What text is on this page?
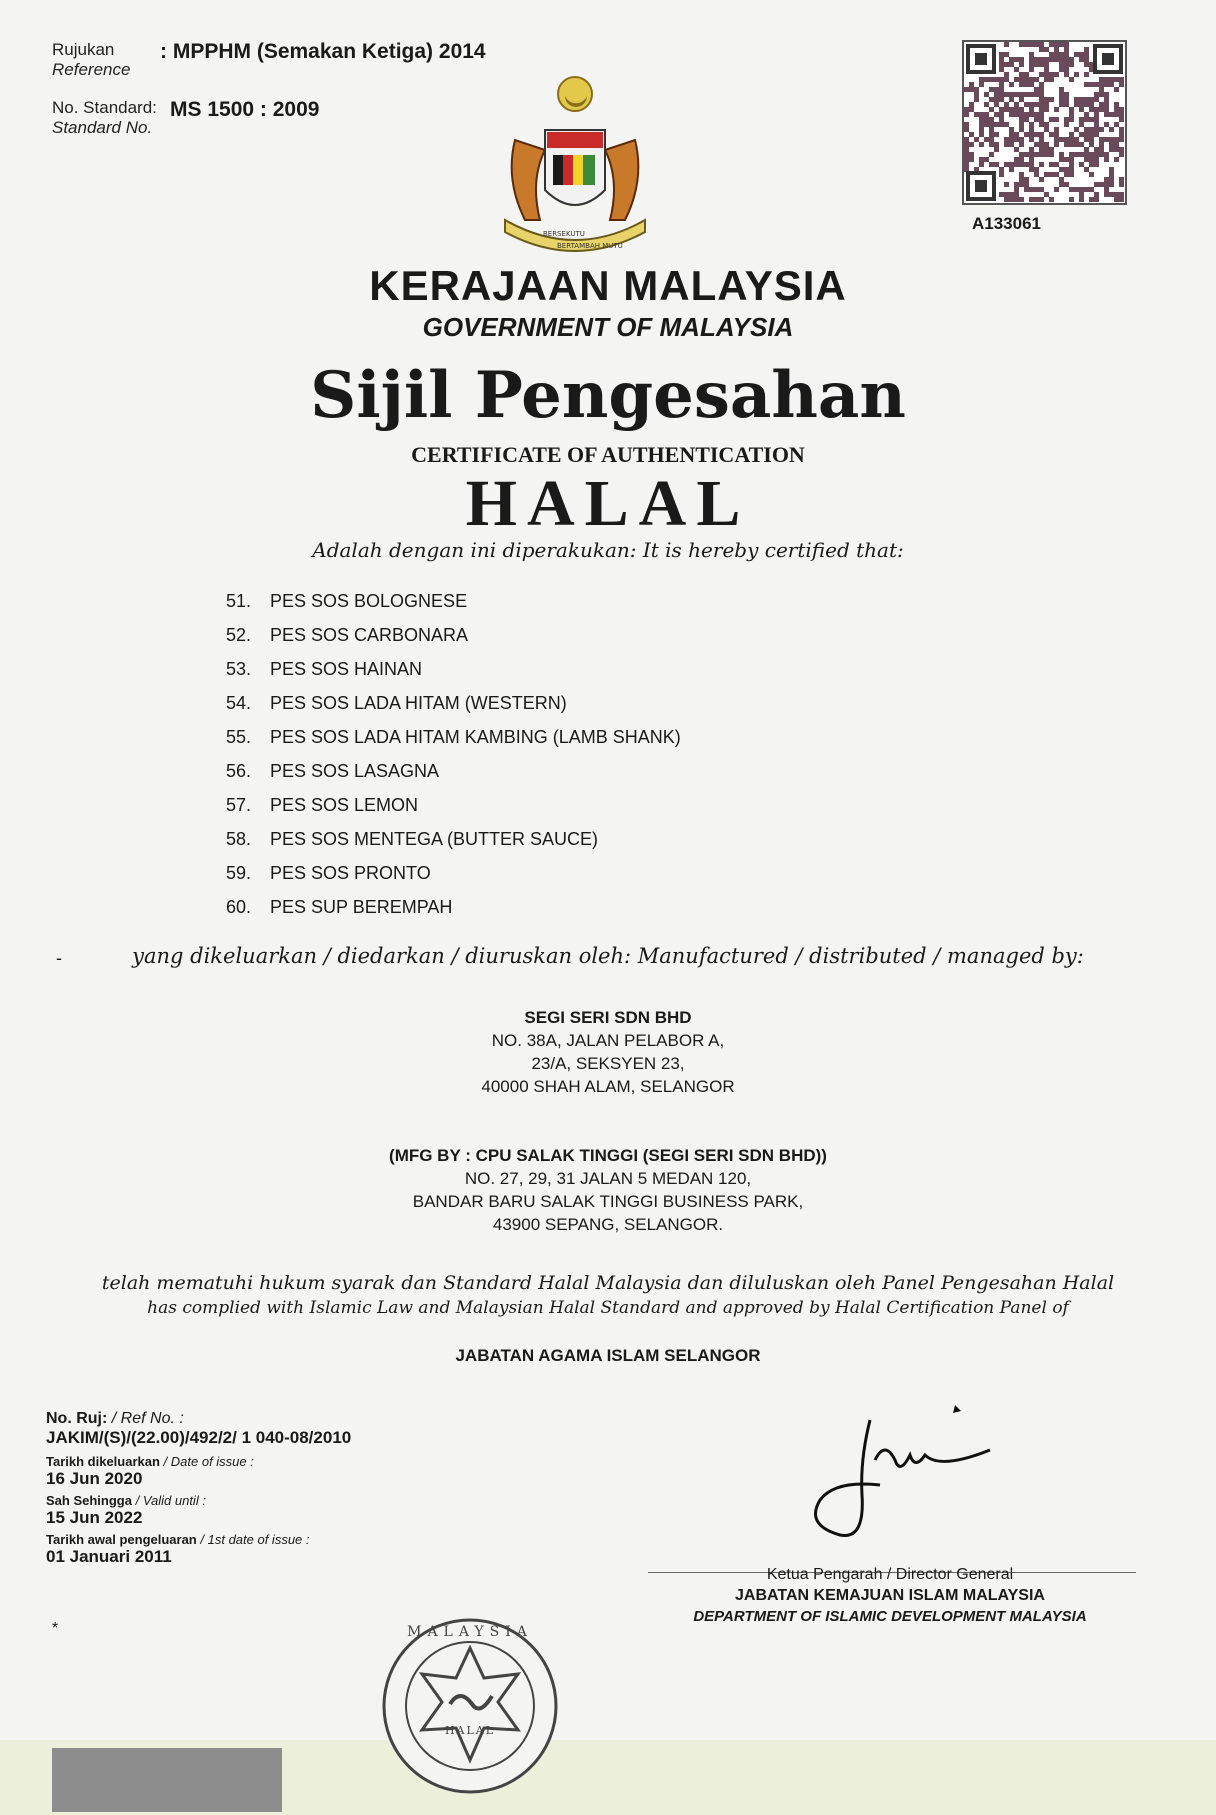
Rujukan
Reference
: MPPHM (Semakan Ketiga) 2014
No. Standard:
Standard No.
MS 1500 : 2009
A133061
BERSEKUTU
BERTAMBAH MUTU
KERAJAAN MALAYSIA
GOVERNMENT OF MALAYSIA
Sijil Pengesahan
CERTIFICATE OF AUTHENTICATION
HALAL
Adalah dengan ini diperakukan: It is hereby certified that:
51. PES SOS BOLOGNESE
52. PES SOS CARBONARA
53. PES SOS HAINAN
54. PES SOS LADA HITAM (WESTERN)
55. PES SOS LADA HITAM KAMBING (LAMB SHANK)
56. PES SOS LASAGNA
57. PES SOS LEMON
58. PES SOS MENTEGA (BUTTER SAUCE)
59. PES SOS PRONTO
60. PES SUP BEREMPAH
-	yang dikeluarkan / diedarkan / diuruskan oleh: Manufactured / distributed / managed by:
SEGI SERI SDN BHD
NO. 38A, JALAN PELABOR A,
23/A, SEKSYEN 23,
40000 SHAH ALAM, SELANGOR
(MFG BY : CPU SALAK TINGGI (SEGI SERI SDN BHD))
NO. 27, 29, 31 JALAN 5 MEDAN 120,
BANDAR BARU SALAK TINGGI BUSINESS PARK,
43900 SEPANG, SELANGOR.
telah mematuhi hukum syarak dan Standard Halal Malaysia dan diluluskan oleh Panel Pengesahan Halal
has complied with Islamic Law and Malaysian Halal Standard and approved by Halal Certification Panel of
JABATAN AGAMA ISLAM SELANGOR
No. Ruj: / Ref No. :
JAKIM/(S)/(22.00)/492/2/ 1 040-08/2010
Tarikh dikeluarkan / Date of issue :
16 Jun 2020
Sah Sehingga / Valid until :
15 Jun 2022
Tarikh awal pengeluaran / 1st date of issue :
01 Januari 2011
*
Ketua Pengarah / Director General
JABATAN KEMAJUAN ISLAM MALAYSIA
DEPARTMENT OF ISLAMIC DEVELOPMENT MALAYSIA
MALAYSIA
HALAL
